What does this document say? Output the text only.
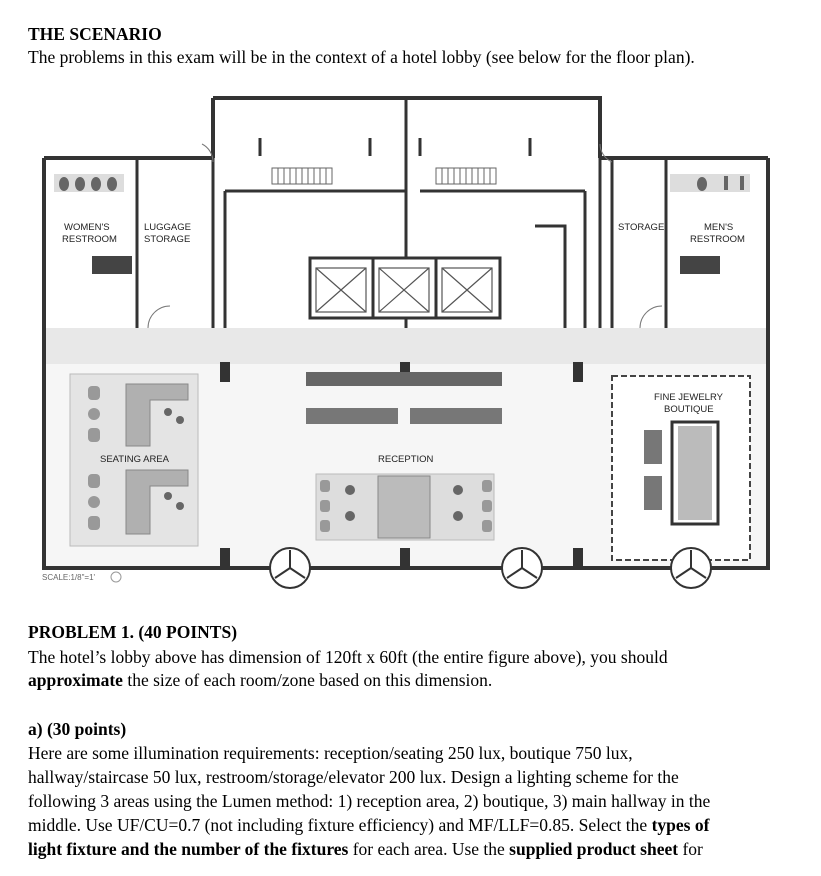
THE SCENARIO
The problems in this exam will be in the context of a hotel lobby (see below for the floor plan).
WOMEN'S
RESTROOM
LUGGAGE
STORAGE
STORAGE	MEN'S
RESTROOM
SEATING AREA	RECEPTION
FINE JEWELRY
BOUTIQUE
SCALE:1/8"=1'
PROBLEM 1. (40 POINTS)
The hotel’s lobby above has dimension of 120ft x 60ft (the entire figure above), you should
approximate the size of each room/zone based on this dimension.
a) (30 points)
Here are some illumination requirements: reception/seating 250 lux, boutique 750 lux,
hallway/staircase 50 lux, restroom/storage/elevator 200 lux. Design a lighting scheme for the
following 3 areas using the Lumen method: 1) reception area, 2) boutique, 3) main hallway in the
middle. Use UF/CU=0.7 (not including fixture efficiency) and MF/LLF=0.85. Select the types of
light fixture and the number of the fixtures for each area. Use the supplied product sheet for
